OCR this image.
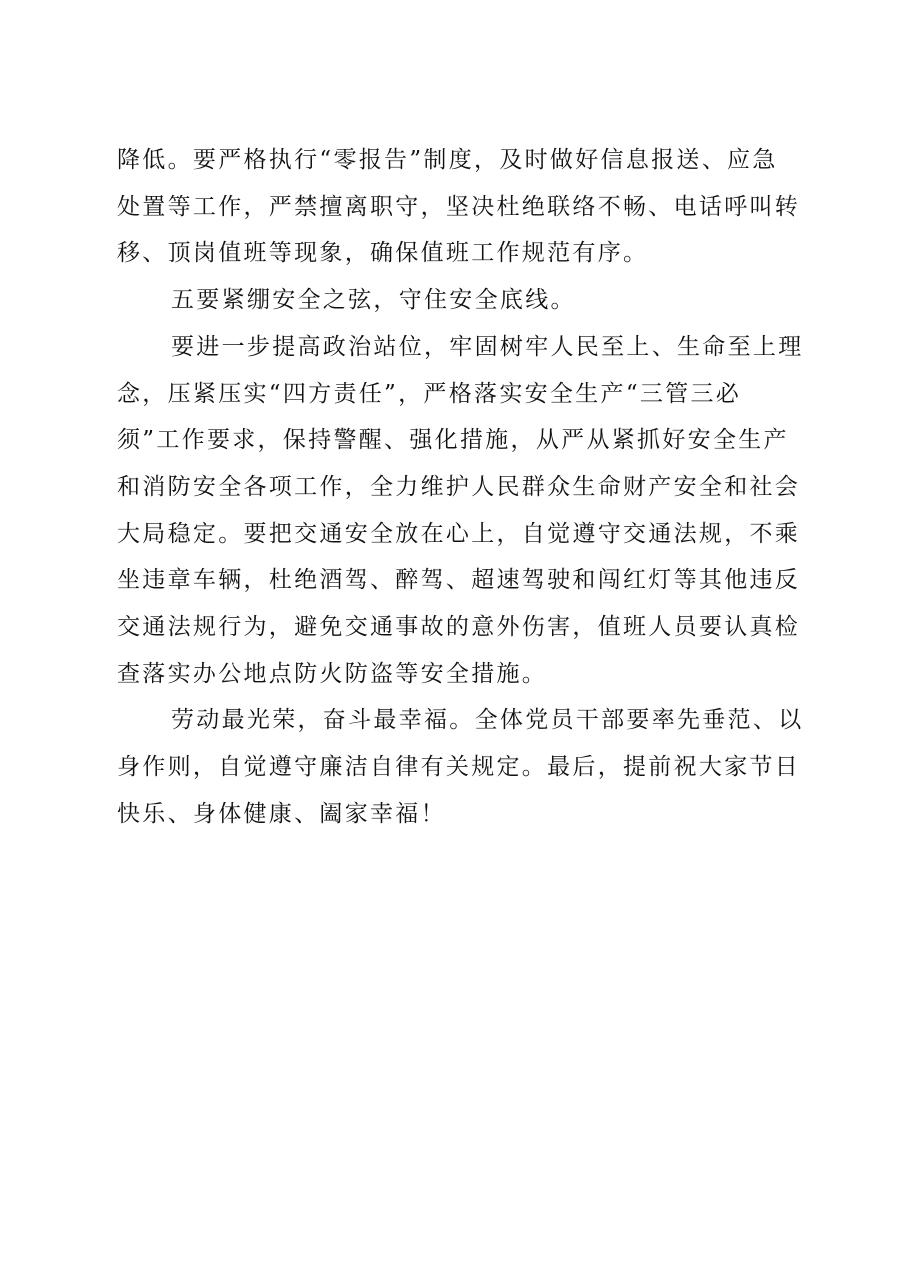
降低。要严格执行“零报告”制度，及时做好信息报送、应急
处置等工作，严禁擅离职守，坚决杜绝联络不畅、电话呼叫转
移、顶岗值班等现象，确保值班工作规范有序。
五要紧绷安全之弦，守住安全底线。
要进一步提高政治站位，牢固树牢人民至上、生命至上理
念，压紧压实“四方责任”，严格落实安全生产“三管三必
须”工作要求，保持警醒、强化措施，从严从紧抓好安全生产
和消防安全各项工作，全力维护人民群众生命财产安全和社会
大局稳定。要把交通安全放在心上，自觉遵守交通法规，不乘
坐违章车辆，杜绝酒驾、醉驾、超速驾驶和闯红灯等其他违反
交通法规行为，避免交通事故的意外伤害，值班人员要认真检
查落实办公地点防火防盗等安全措施。
劳动最光荣，奋斗最幸福。全体党员干部要率先垂范、以
身作则，自觉遵守廉洁自律有关规定。最后，提前祝大家节日
快乐、身体健康、阖家幸福！
